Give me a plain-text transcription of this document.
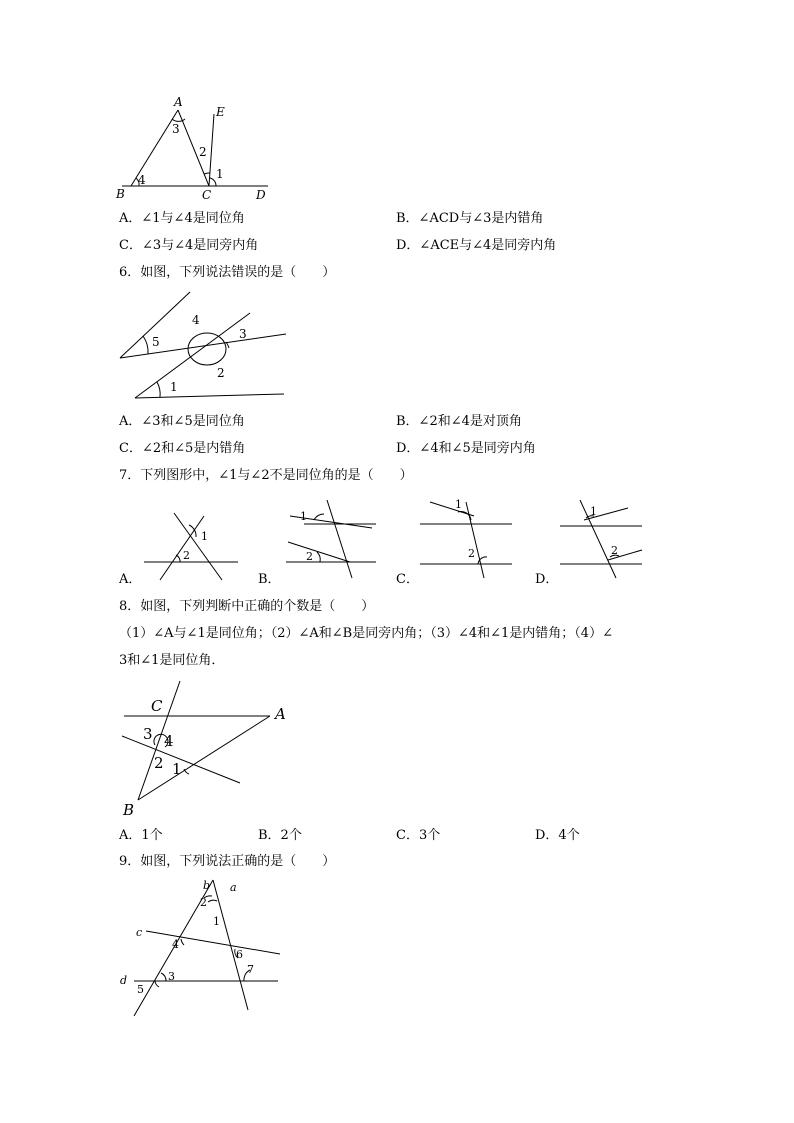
A
B	C	D
E
1
2
3
4
A．∠1与∠4是同位角	B．∠ACD与∠3是内错角
C．∠3与∠4是同旁内角	D．∠ACE与∠4是同旁内角
6．如图，下列说法错误的是（　　）
5
4
3
2
1
A．∠3和∠5是同位角	B．∠2和∠4是对顶角
C．∠2和∠5是内错角	D．∠4和∠5是同旁内角
7．下列图形中，∠1与∠2不是同位角的是（　　）
1
2
A．
1
2
B．
1
2
C．
1
2
D．
8．如图，下列判断中正确的个数是（　　）
（1）∠A与∠1是同位角；（2）∠A和∠B是同旁内角；（3）∠4和∠1是内错角；（4）∠
3和∠1是同位角．
C	A
B
3 4
2 1
A．1个	B．2个	C．3个	D．4个
9．如图，下列说法正确的是（　　）
a
b
c
d
1
2
3
4
5
6
7
